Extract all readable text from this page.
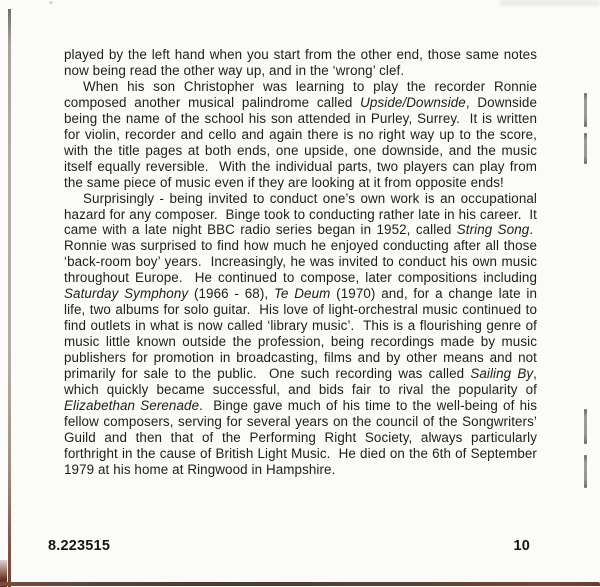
played by the left hand when you start from the other end, those same notes now being read the other way up, and in the ‘wrong’ clef.

When his son Christopher was learning to play the recorder Ronnie composed another musical palindrome called Upside/Downside, Downside being the name of the school his son attended in Purley, Surrey.  It is written for violin, recorder and cello and again there is no right way up to the score, with the title pages at both ends, one upside, one downside, and the music itself equally reversible.  With the individual parts, two players can play from the same piece of music even if they are looking at it from opposite ends!

Surprisingly - being invited to conduct one’s own work is an occupational hazard for any composer.  Binge took to conducting rather late in his career.  It came with a late night BBC radio series began in 1952, called String Song.  Ronnie was surprised to find how much he enjoyed conducting after all those ‘back-room boy’ years.  Increasingly, he was invited to conduct his own music throughout Europe.  He continued to compose, later compositions including Saturday Symphony (1966 - 68), Te Deum (1970) and, for a change late in life, two albums for solo guitar.  His love of light-orchestral music continued to find outlets in what is now called ‘library music’.  This is a flourishing genre of music little known outside the profession, being recordings made by music publishers for promotion in broadcasting, films and by other means and not primarily for sale to the public.  One such recording was called Sailing By, which quickly became successful, and bids fair to rival the popularity of Elizabethan Serenade.  Binge gave much of his time to the well-being of his fellow composers, serving for several years on the council of the Songwriters’ Guild and then that of the Performing Right Society, always particularly forthright in the cause of British Light Music.  He died on the 6th of September 1979 at his home at Ringwood in Hampshire.

8.223515	10
